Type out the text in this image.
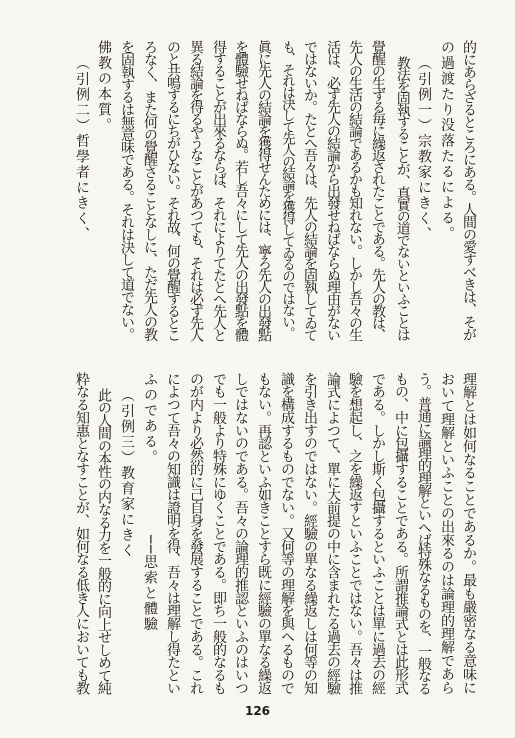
的にあらざるところにある。人間の愛すべきは、そが
の過渡たり没落たるによる。
（引例一）宗教家にきく、
教法を固執することが、真實の道でないといふことは
覺醒の生ずる毎に繰返されたことである。先人の教は、
先人の生活の結論であるかも知れない。しかし吾々の生
活は、必ず先人の結論から出發せねばならぬ理由がない
ではないか。たとへ吾々は、先人の結論を固執してゐて
も、それは決して先人の結論を獲得してゐるのではない。
眞に先人の結論を獲得せんためには、寧ろ先人の出發點
を體驗せねばならぬ。若し吾々にして先人の出發點を體
得することが出來るならば、それによりてたとへ先人と
異る結論を得るやうなことがあつても、それは必ず先人
のと共鳴するにちがひない。それ故、何の覺醒するとこ
ろなく、また何の覺醒さることなしに、ただ先人の教
を固執するは無意味である。それは決して道でない。
佛教の本質。
（引例二）哲學者にきく、
理解とは如何なることであるか。最も嚴密なる意味に
おいて理解といふことの出來るのは論理的理解であら
う。普通に論理的理解といへば特殊なるものを、一般なる
もの、中に包攝することである。所謂推論式とは此形式
である。しかし斯く包攝するといふことは單に過去の經
驗を想起し、之を繰返すといふことではない。吾々は推
論式によつて、單に大前提の中に含まれたる過去の經驗
を引き出すのではない。經驗の單なる繰返しは何等の知
識を構成するものでない。又何等の理解を與へるもので
もない。再認といふ如きことすら既に經驗の單なる繰返
しではないのである。吾々の論理的推認といふのはいつ
でも一般より特殊にゆくことである。即ち一般的なるも
のが内より必然的に己自身を發展することである。これ
によつて吾々の知識は證明を得、吾々は理解し得たとい
ふのである。
──思索と體驗
（引例三）教育家にきく
此の人間の本性の内なる力を一般的に向上せしめて純
粋なる知惠となすことが、如何なる低き人においても教
126
